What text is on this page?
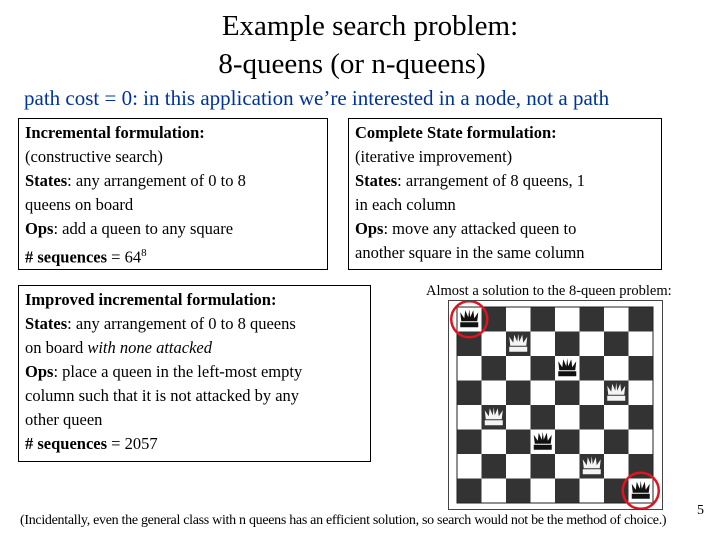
Example search problem:
8-queens (or n-queens)
path cost = 0: in this application we’re interested in a node, not a path
Incremental formulation:
(constructive search)
States: any arrangement of 0 to 8
queens on board
Ops: add a queen to any square
# sequences = $64^8$
Complete State formulation:
(iterative improvement)
States: arrangement of 8 queens, 1
in each column
Ops: move any attacked queen to
another square in the same column
Improved incremental formulation:
States: any arrangement of 0 to 8 queens
on board with none attacked
Ops: place a queen in the left-most empty
column such that it is not attacked by any
other queen
# sequences = 2057
Almost a solution to the 8-queen problem:
(Incidentally, even the general class with n queens has an efficient solution, so search would not be the method of choice.)
5
